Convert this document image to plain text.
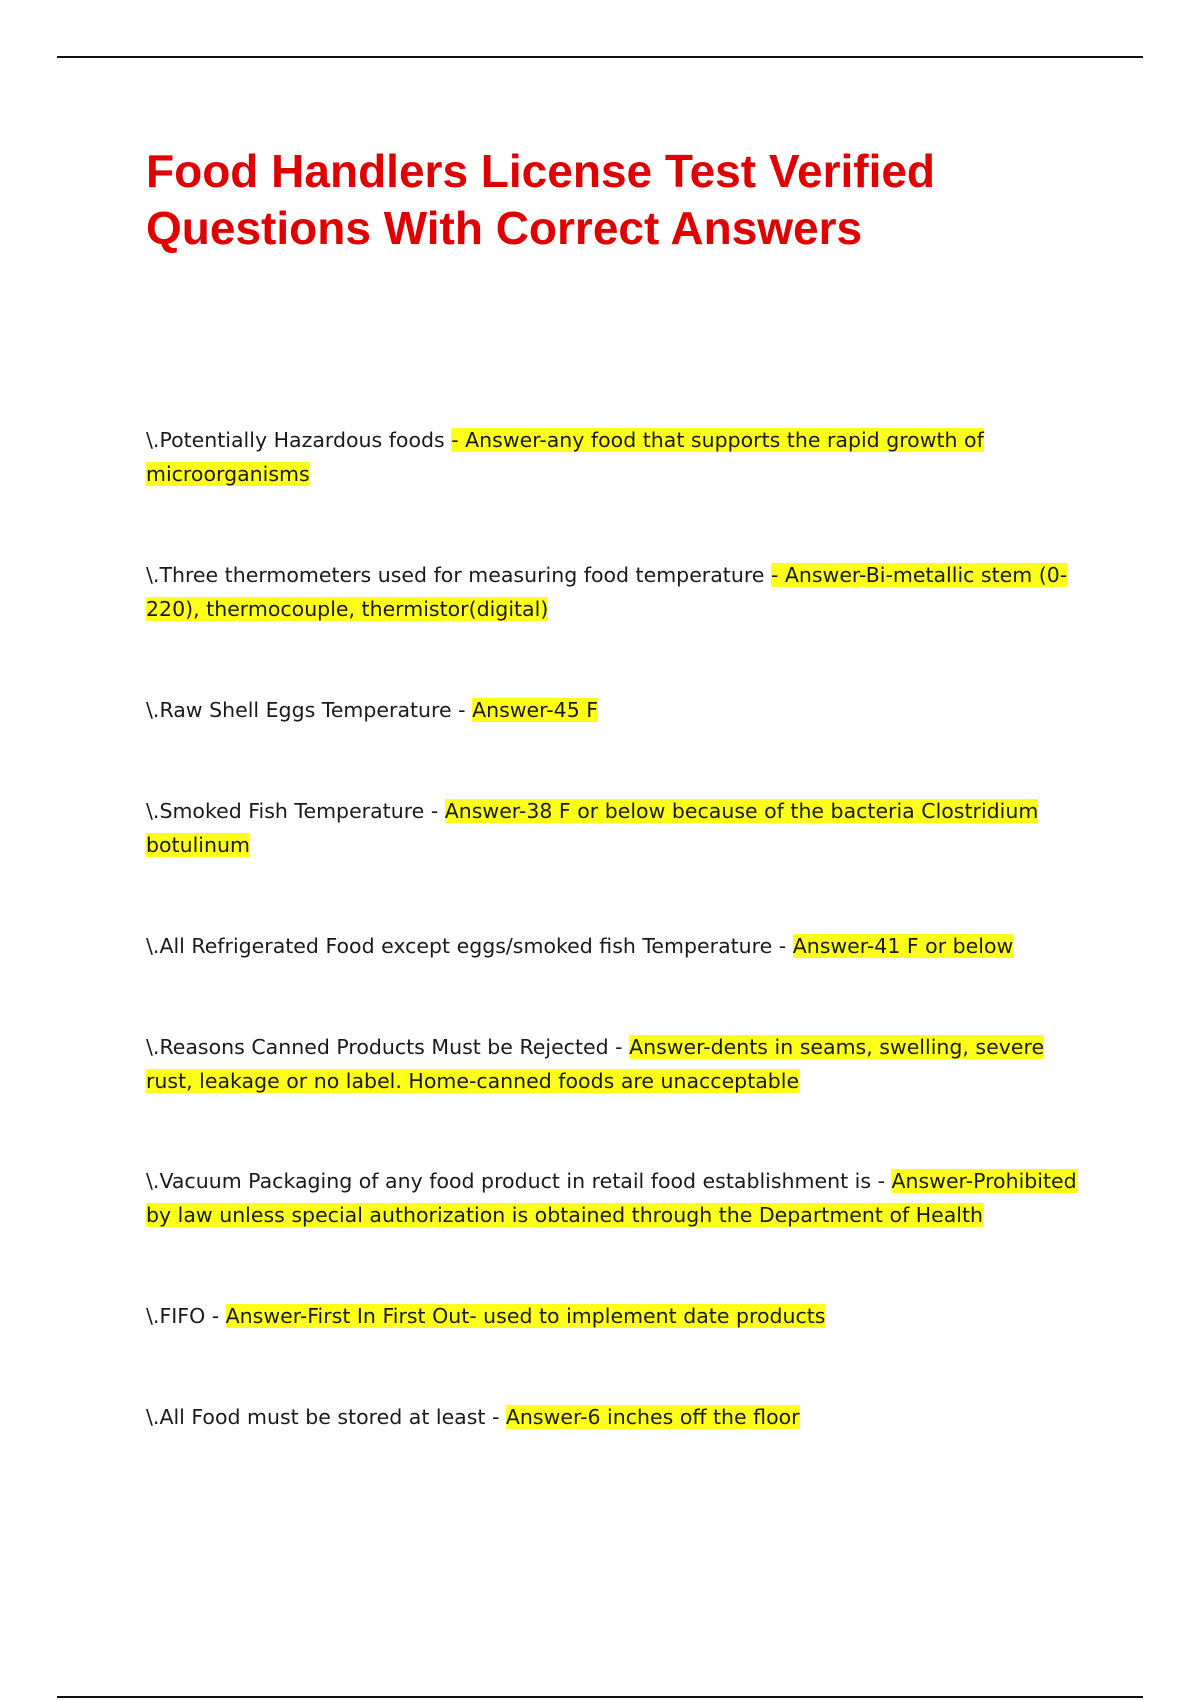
Food Handlers License Test Verified Questions With Correct Answers

\.Potentially Hazardous foods - Answer-any food that supports the rapid growth of microorganisms

\.Three thermometers used for measuring food temperature - Answer-Bi-metallic stem (0-220), thermocouple, thermistor(digital)

\.Raw Shell Eggs Temperature - Answer-45 F

\.Smoked Fish Temperature - Answer-38 F or below because of the bacteria Clostridium botulinum

\.All Refrigerated Food except eggs/smoked fish Temperature - Answer-41 F or below

\.Reasons Canned Products Must be Rejected - Answer-dents in seams, swelling, severe rust, leakage or no label. Home-canned foods are unacceptable

\.Vacuum Packaging of any food product in retail food establishment is - Answer-Prohibited by law unless special authorization is obtained through the Department of Health

\.FIFO - Answer-First In First Out- used to implement date products

\.All Food must be stored at least - Answer-6 inches off the floor
